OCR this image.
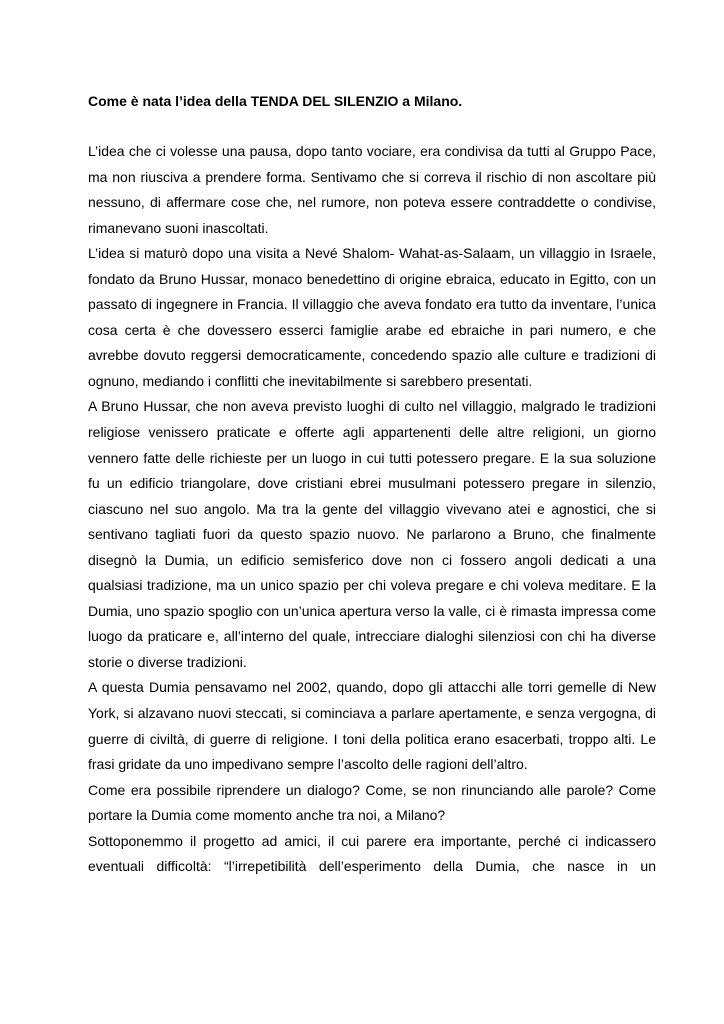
Come è nata l’idea della TENDA DEL SILENZIO a Milano.

L’idea che ci volesse una pausa, dopo tanto vociare, era condivisa da tutti al Gruppo Pace, ma non riusciva a prendere forma. Sentivamo che si correva il rischio di non ascoltare più nessuno, di affermare cose che, nel rumore, non poteva essere contraddette o condivise, rimanevano suoni inascoltati.

L’idea si maturò dopo una visita a Nevé Shalom- Wahat-as-Salaam, un villaggio in Israele, fondato da Bruno Hussar, monaco benedettino di origine ebraica, educato in Egitto, con un passato di ingegnere in Francia. Il villaggio che aveva fondato era tutto da inventare, l’unica cosa certa è che dovessero esserci famiglie arabe ed ebraiche in pari numero, e che avrebbe dovuto reggersi democraticamente, concedendo spazio alle culture e tradizioni di ognuno, mediando i conflitti che inevitabilmente si sarebbero presentati.

A Bruno Hussar, che non aveva previsto luoghi di culto nel villaggio, malgrado le tradizioni religiose venissero praticate e offerte agli appartenenti delle altre religioni, un giorno vennero fatte delle richieste per un luogo in cui tutti potessero pregare. E la sua soluzione fu un edificio triangolare, dove cristiani ebrei musulmani potessero pregare in silenzio, ciascuno nel suo angolo. Ma tra la gente del villaggio vivevano atei e agnostici, che si sentivano tagliati fuori da questo spazio nuovo. Ne parlarono a Bruno, che finalmente disegnò la Dumia, un edificio semisferico dove non ci fossero angoli dedicati a una qualsiasi tradizione, ma un unico spazio per chi voleva pregare e chi voleva meditare. E la Dumia, uno spazio spoglio con un’unica apertura verso la valle, ci è rimasta impressa come luogo da praticare e, all’interno del quale, intrecciare dialoghi silenziosi con chi ha diverse storie o diverse tradizioni.

A questa Dumia pensavamo nel 2002, quando, dopo gli attacchi alle torri gemelle di New York, si alzavano nuovi steccati, si cominciava a parlare apertamente, e senza vergogna, di guerre di civiltà, di guerre di religione. I toni della politica erano esacerbati, troppo alti. Le frasi gridate da uno impedivano sempre l’ascolto delle ragioni dell’altro.

Come era possibile riprendere un dialogo? Come, se non rinunciando alle parole? Come portare la Dumia come momento anche tra noi, a Milano?

Sottoponemmo il progetto ad amici, il cui parere era importante, perché ci indicassero eventuali difficoltà: “l’irrepetibilità dell’esperimento della Dumia, che nasce in un
